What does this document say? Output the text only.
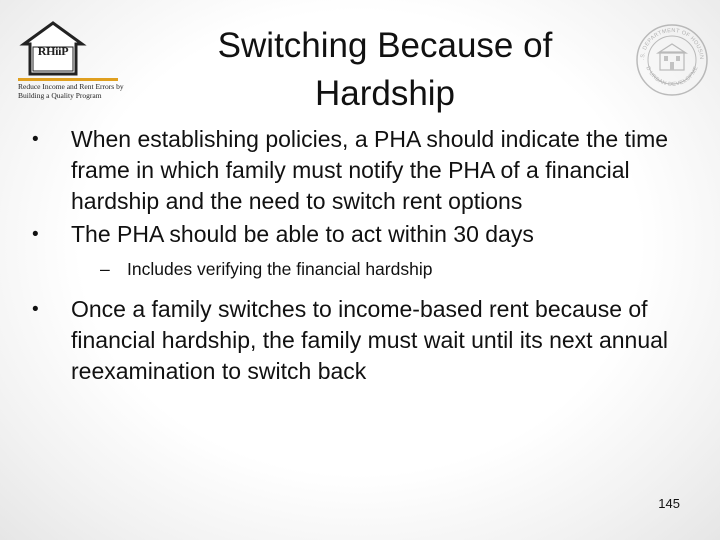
RHiiP
Reduce Income and Rent Errors by Building a Quality Program
.S. DEPARTMENT OF HOUSIN
D URBAN DEVELOPME
Switching Because of Hardship
• When establishing policies, a PHA should indicate the time frame in which family must notify the PHA of a financial hardship and the need to switch rent options
• The PHA should be able to act within 30 days
– Includes verifying the financial hardship
• Once a family switches to income-based rent because of financial hardship, the family must wait until its next annual reexamination to switch back
145
